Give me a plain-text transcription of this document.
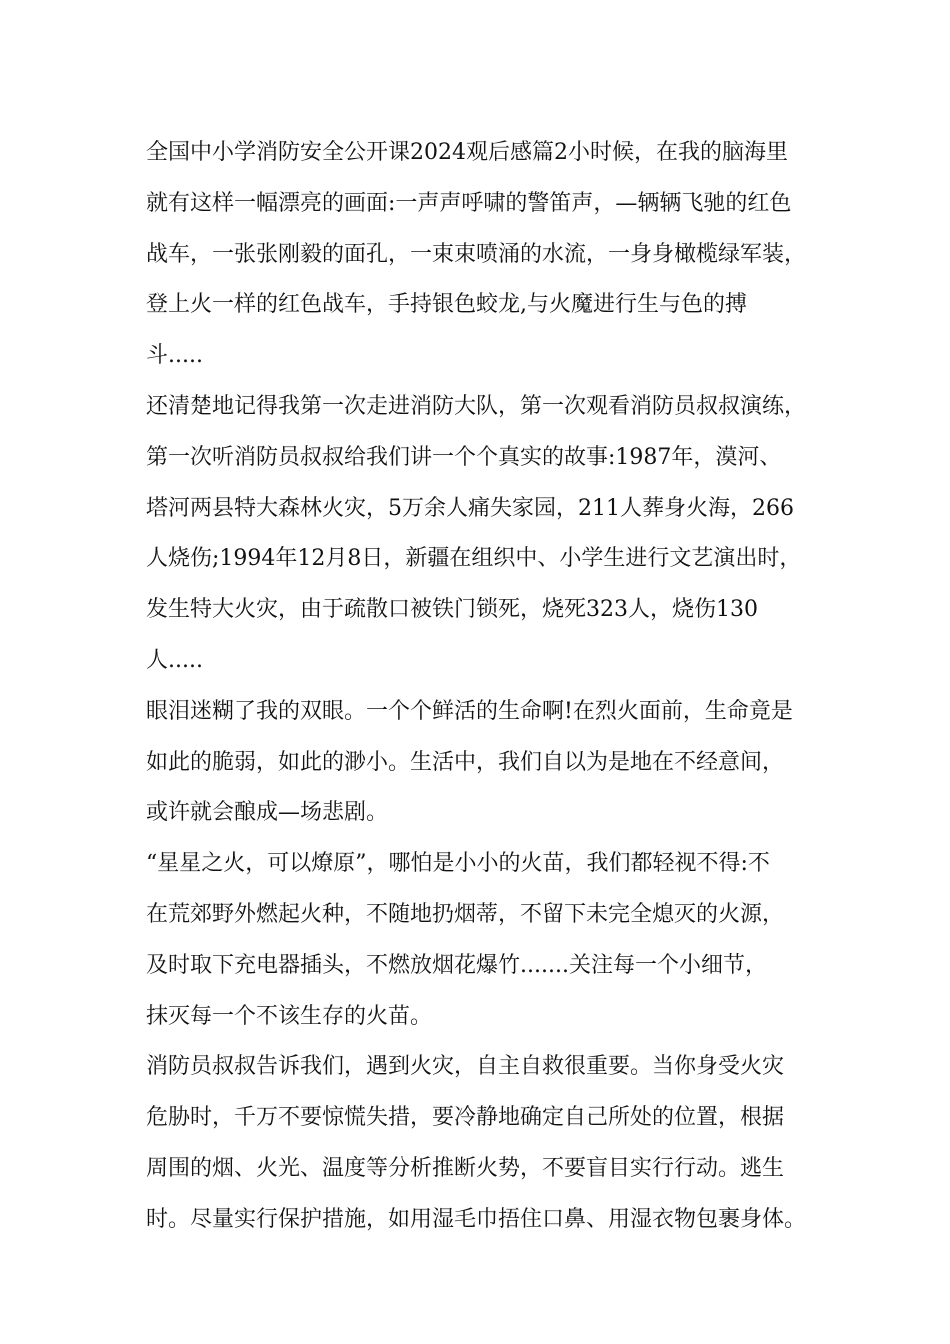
全国中小学消防安全公开课2024观后感篇2小时候，在我的脑海里
就有这样一幅漂亮的画面:一声声呼啸的警笛声，—辆辆飞驰的红色
战车，一张张刚毅的面孔，一束束喷涌的水流，一身身橄榄绿军装，
登上火一样的红色战车，手持银色蛟龙,与火魔进行生与色的搏
斗.....
还清楚地记得我第一次走进消防大队，第一次观看消防员叔叔演练，
第一次听消防员叔叔给我们讲一个个真实的故事:1987年，漠河、
塔河两县特大森林火灾，5万余人痛失家园，211人葬身火海，266
人烧伤;1994年12月8日，新疆在组织中、小学生进行文艺演出时，
发生特大火灾，由于疏散口被铁门锁死，烧死323人，烧伤130
人.....
眼泪迷糊了我的双眼。一个个鲜活的生命啊!在烈火面前，生命竟是
如此的脆弱，如此的渺小。生活中，我们自以为是地在不经意间，
或许就会酿成—场悲剧。
“星星之火，可以燎原”，哪怕是小小的火苗，我们都轻视不得:不
在荒郊野外燃起火种，不随地扔烟蒂，不留下未完全熄灭的火源，
及时取下充电器插头，不燃放烟花爆竹.......关注每一个小细节，
抹灭每一个不该生存的火苗。
消防员叔叔告诉我们，遇到火灾，自主自救很重要。当你身受火灾
危胁时，千万不要惊慌失措，要冷静地确定自己所处的位置，根据
周围的烟、火光、温度等分析推断火势，不要盲目实行行动。逃生
时。尽量实行保护措施，如用湿毛巾捂住口鼻、用湿衣物包裹身体。
